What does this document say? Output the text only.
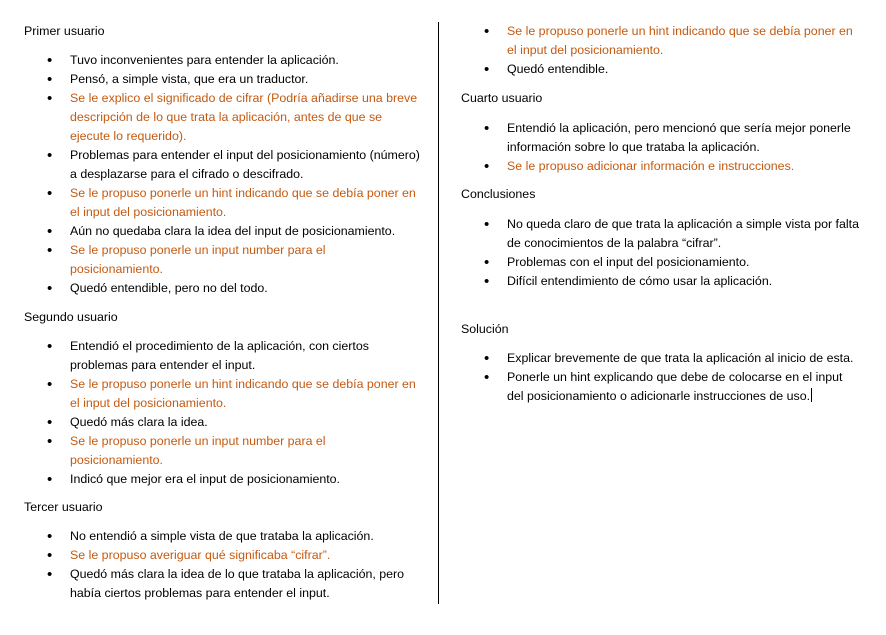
Primer usuario
• Tuvo inconvenientes para entender la aplicación.
• Pensó, a simple vista, que era un traductor.
• Se le explico el significado de cifrar (Podría añadirse una breve descripción de lo que trata la aplicación, antes de que se ejecute lo requerido).
• Problemas para entender el input del posicionamiento (número) a desplazarse para el cifrado o descifrado.
• Se le propuso ponerle un hint indicando que se debía poner en el input del posicionamiento.
• Aún no quedaba clara la idea del input de posicionamiento.
• Se le propuso ponerle un input number para el posicionamiento.
• Quedó entendible, pero no del todo.
Segundo usuario
• Entendió el procedimiento de la aplicación, con ciertos problemas para entender el input.
• Se le propuso ponerle un hint indicando que se debía poner en el input del posicionamiento.
• Quedó más clara la idea.
• Se le propuso ponerle un input number para el posicionamiento.
• Indicó que mejor era el input de posicionamiento.
Tercer usuario
• No entendió a simple vista de que trataba la aplicación.
• Se le propuso averiguar qué significaba “cifrar”.
• Quedó más clara la idea de lo que trataba la aplicación, pero había ciertos problemas para entender el input.
• Se le propuso ponerle un hint indicando que se debía poner en el input del posicionamiento.
• Quedó entendible.
Cuarto usuario
• Entendió la aplicación, pero mencionó que sería mejor ponerle información sobre lo que trataba la aplicación.
• Se le propuso adicionar información e instrucciones.
Conclusiones
• No queda claro de que trata la aplicación a simple vista por falta de conocimientos de la palabra “cifrar”.
• Problemas con el input del posicionamiento.
• Difícil entendimiento de cómo usar la aplicación.
Solución
• Explicar brevemente de que trata la aplicación al inicio de esta.
• Ponerle un hint explicando que debe de colocarse en el input del posicionamiento o adicionarle instrucciones de uso.
